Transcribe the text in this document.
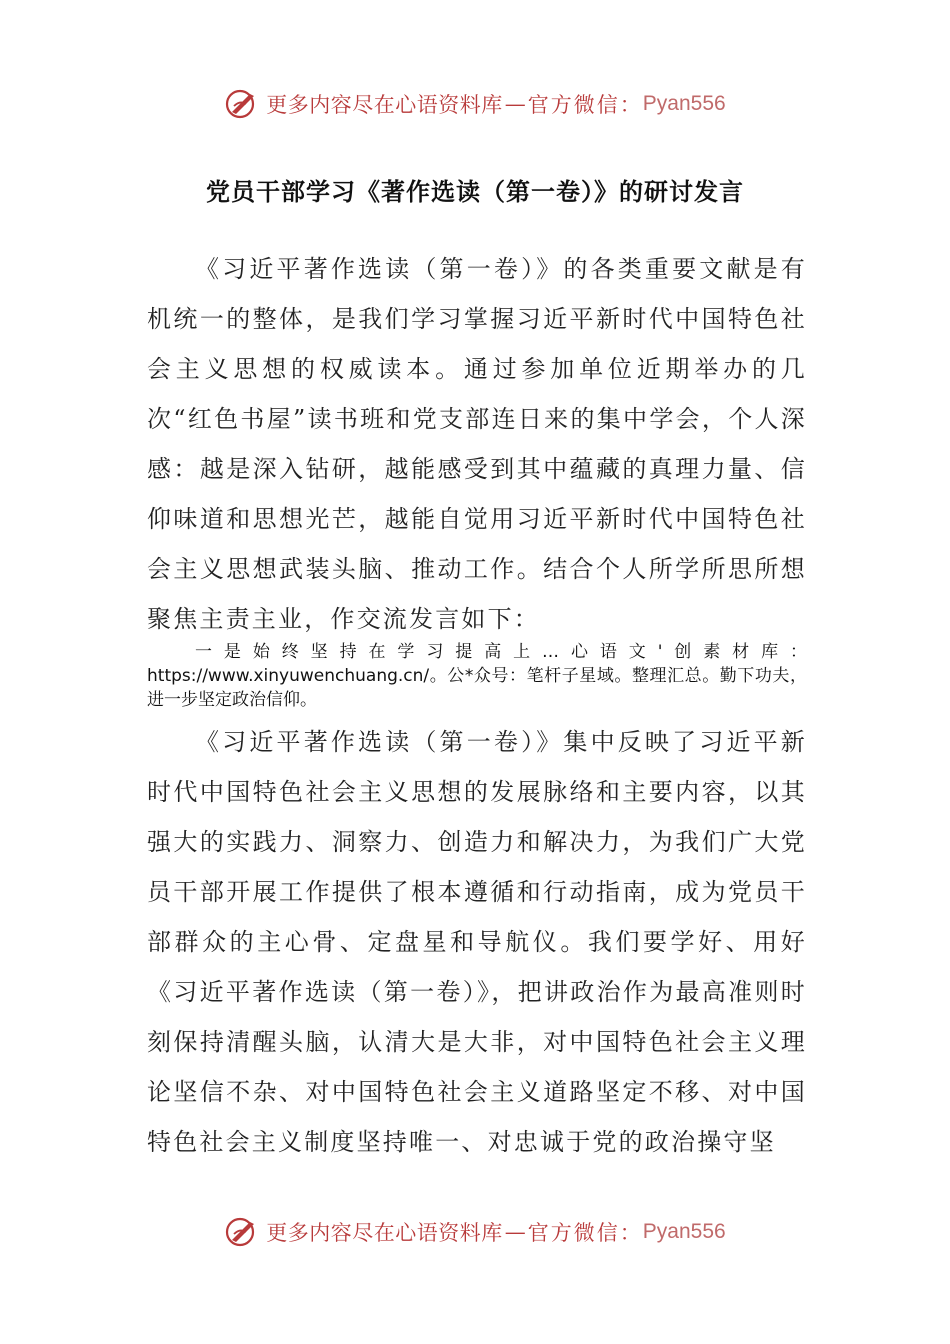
更多内容尽在心语资料库 — 官方微信： Pyan556
党员干部学习《著作选读（第一卷）》的研讨发言

《习近平著作选读（第一卷）》的各类重要文献是有机统一的整体，是我们学习掌握习近平新时代中国特色社会主义思想的权威读本。通过参加单位近期举办的几次“红色书屋”读书班和党支部连日来的集中学会，个人深感：越是深入钻研，越能感受到其中蕴藏的真理力量、信仰味道和思想光芒，越能自觉用习近平新时代中国特色社会主义思想武装头脑、推动工作。结合个人所学所思所想聚焦主责主业，作交流发言如下：

一是始终坚持在学习提高上…心语文'创素材库：https://www.xinyuwenchuang.cn/。公*众号：笔杆子星域。整理汇总。勤下功夫，进一步坚定政治信仰。

《习近平著作选读（第一卷）》集中反映了习近平新时代中国特色社会主义思想的发展脉络和主要内容，以其强大的实践力、洞察力、创造力和解决力，为我们广大党员干部开展工作提供了根本遵循和行动指南，成为党员干部群众的主心骨、定盘星和导航仪。我们要学好、用好《习近平著作选读（第一卷）》，把讲政治作为最高准则时刻保持清醒头脑，认清大是大非，对中国特色社会主义理论坚信不杂、对中国特色社会主义道路坚定不移、对中国特色社会主义制度坚持唯一、对忠诚于党的政治操守坚

更多内容尽在心语资料库 — 官方微信： Pyan556
